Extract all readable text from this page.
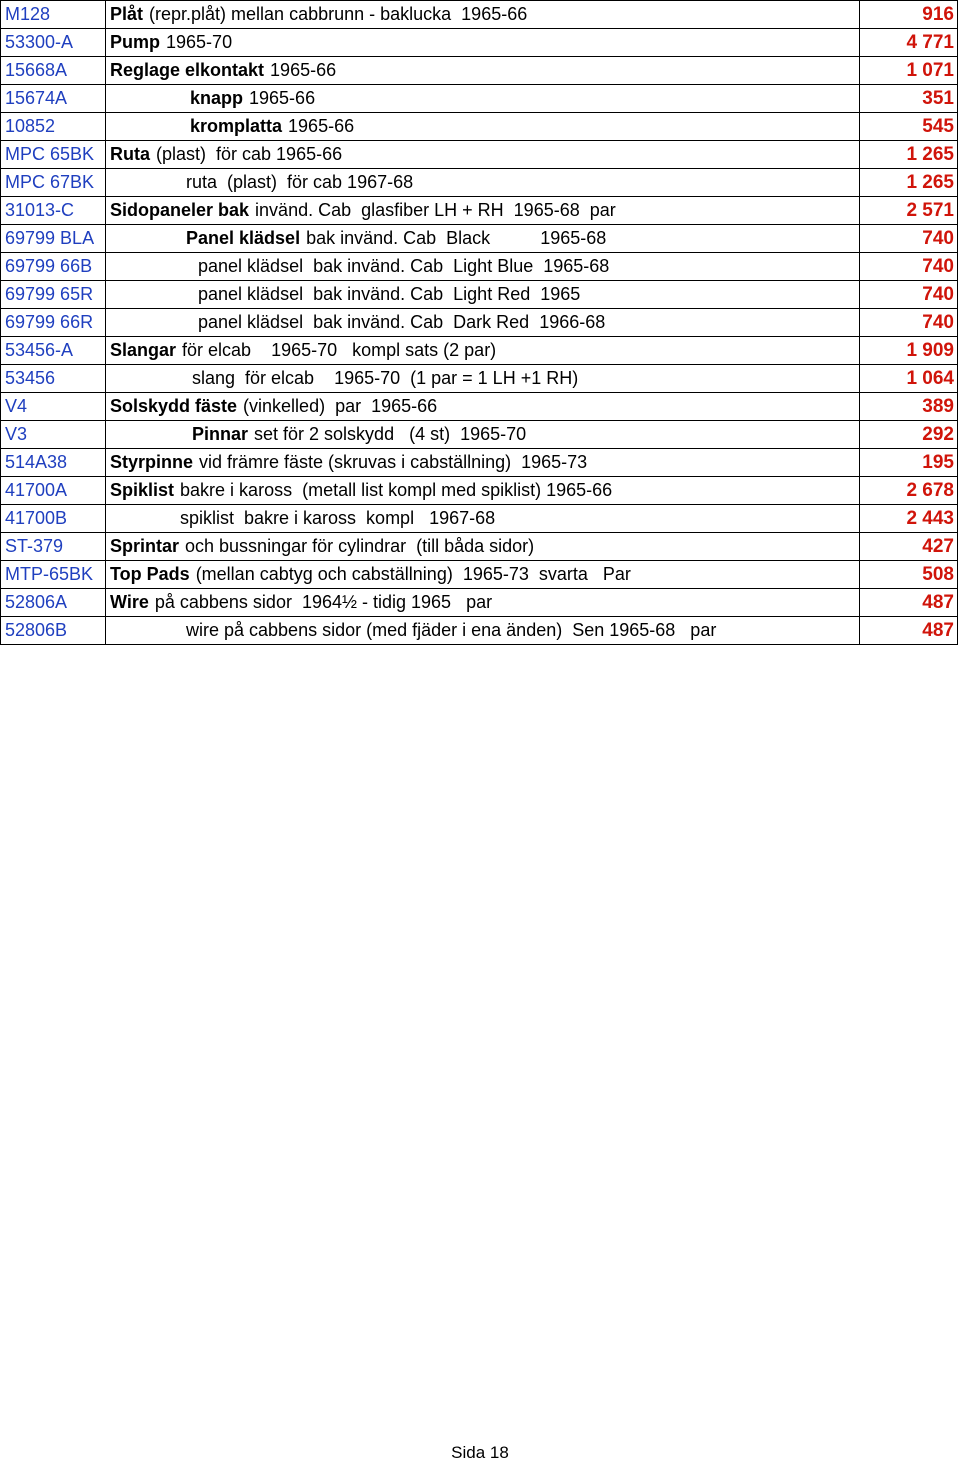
M128	Plåt (repr.plåt) mellan cabbrunn - baklucka  1965-66	916
53300-A	Pump 1965-70	4 771
15668A	Reglage elkontakt 1965-66	1 071
15674A	knapp 1965-66	351
10852	kromplatta 1965-66	545
MPC 65BK	Ruta (plast)  för cab 1965-66	1 265
MPC 67BK	ruta  (plast)  för cab 1967-68	1 265
31013-C	Sidopaneler bak invänd. Cab  glasfiber LH + RH  1965-68  par	2 571
69799 BLA	Panel klädsel bak invänd. Cab  Black          1965-68	740
69799 66B	panel klädsel  bak invänd. Cab  Light Blue  1965-68	740
69799 65R	panel klädsel  bak invänd. Cab  Light Red  1965	740
69799 66R	panel klädsel  bak invänd. Cab  Dark Red  1966-68	740
53456-A	Slangar för elcab    1965-70   kompl sats (2 par)	1 909
53456	slang  för elcab    1965-70  (1 par = 1 LH +1 RH)	1 064
V4	Solskydd fäste (vinkelled)  par  1965-66	389
V3	Pinnar set för 2 solskydd   (4 st)  1965-70	292
514A38	Styrpinne vid främre fäste (skruvas i cabställning)  1965-73	195
41700A	Spiklist bakre i kaross  (metall list kompl med spiklist) 1965-66	2 678
41700B	spiklist  bakre i kaross  kompl   1967-68	2 443
ST-379	Sprintar och bussningar för cylindrar  (till båda sidor)	427
MTP-65BK	Top Pads (mellan cabtyg och cabställning)  1965-73  svarta   Par	508
52806A	Wire på cabbens sidor  1964½ - tidig 1965   par	487
52806B	wire på cabbens sidor (med fjäder i ena änden)  Sen 1965-68   par	487
Sida 18
